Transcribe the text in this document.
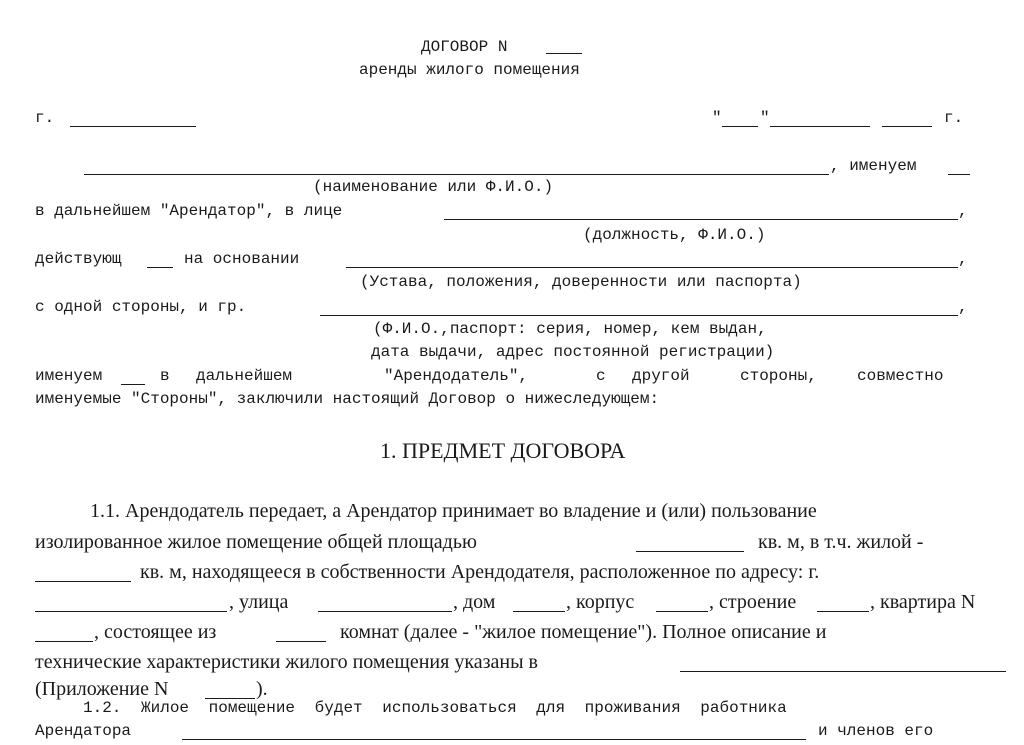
ДОГОВОР N
аренды жилого помещения
г.	" "	г.
, именуем
(наименование или Ф.И.О.)
в дальнейшем "Арендатор", в лице	,
(должность, Ф.И.О.)
действующ	на основании	,
(Устава, положения, доверенности или паспорта)
с одной стороны, и гр.	,
(Ф.И.О.,паспорт: серия, номер, кем выдан,
дата выдачи, адрес постоянной регистрации)
именуем	в дальнейшем	"Арендодатель",	с другой	стороны,	совместно
именуемые "Стороны", заключили настоящий Договор о нижеследующем:
1. ПРЕДМЕТ ДОГОВОРА
1.1. Арендодатель передает, а Арендатор принимает во владение и (или) пользование
изолированное жилое помещение общей площадью	кв. м, в т.ч. жилой -
кв. м, находящееся в собственности Арендодателя, расположенное по адресу: г.
, улица	, дом	, корпус	, строение	, квартира N
, состоящее из	комнат (далее - "жилое помещение"). Полное описание и
технические характеристики жилого помещения указаны в
(Приложение N	).
1.2. Жилое помещение будет использоваться для проживания работника
Арендатора	и членов его
